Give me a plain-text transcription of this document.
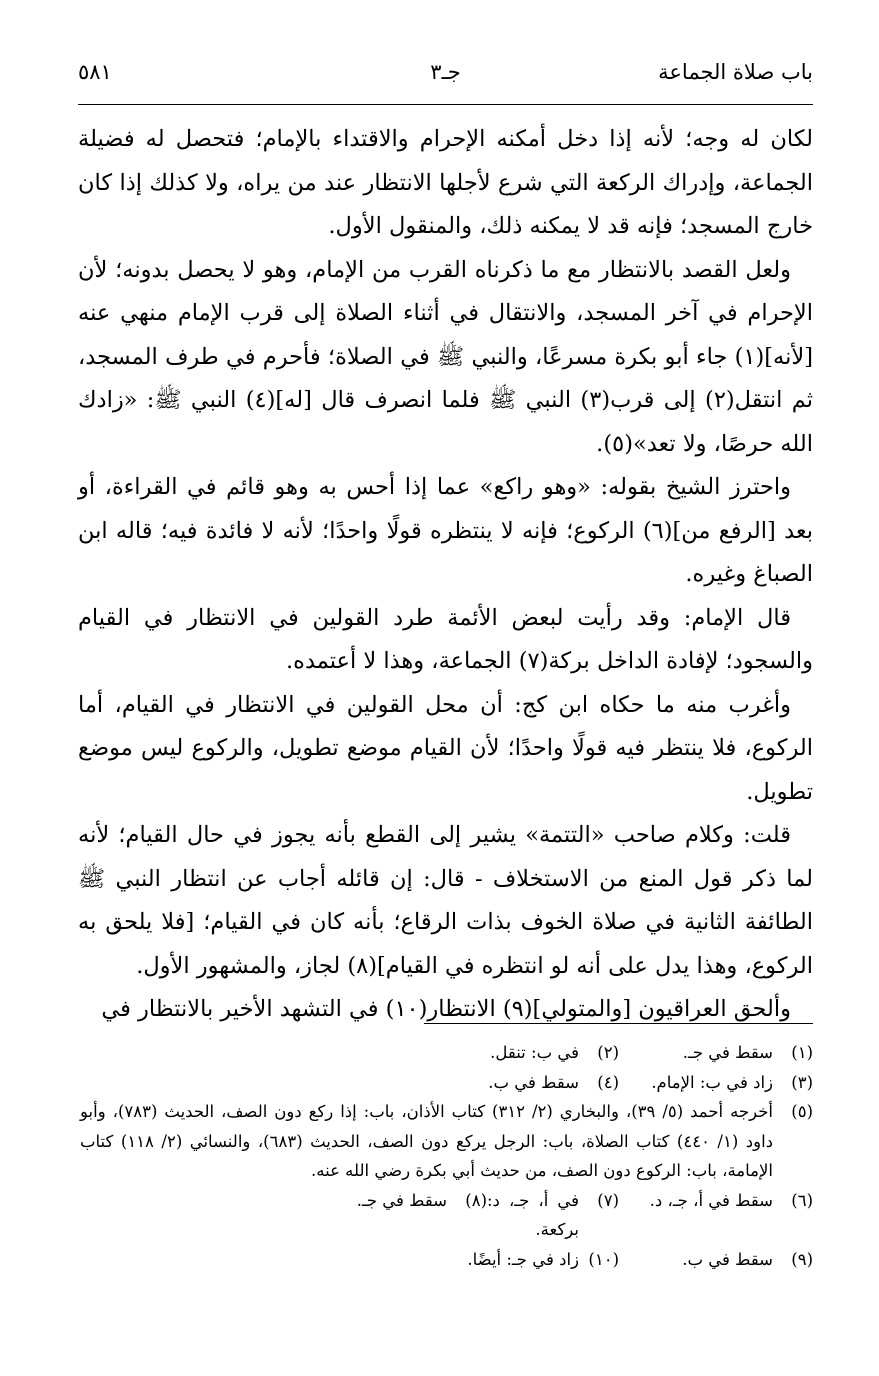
باب صلاة الجماعة
جـ٣
٥٨١

لكان له وجه؛ لأنه إذا دخل أمكنه الإحرام والاقتداء بالإمام؛ فتحصل له فضيلة الجماعة، وإدراك الركعة التي شرع لأجلها الانتظار عند من يراه، ولا كذلك إذا كان خارج المسجد؛ فإنه قد لا يمكنه ذلك، والمنقول الأول.

ولعل القصد بالانتظار مع ما ذكرناه القرب من الإمام، وهو لا يحصل بدونه؛ لأن الإحرام في آخر المسجد، والانتقال في أثناء الصلاة إلى قرب الإمام منهي عنه [لأنه](١) جاء أبو بكرة مسرعًا، والنبي ﷺ في الصلاة؛ فأحرم في طرف المسجد، ثم انتقل(٢) إلى قرب(٣) النبي ﷺ فلما انصرف قال [له](٤) النبي ﷺ: «زادك الله حرصًا، ولا تعد»(٥).

واحترز الشيخ بقوله: «وهو راكع» عما إذا أحس به وهو قائم في القراءة، أو بعد [الرفع من](٦) الركوع؛ فإنه لا ينتظره قولًا واحدًا؛ لأنه لا فائدة فيه؛ قاله ابن الصباغ وغيره.

قال الإمام: وقد رأيت لبعض الأئمة طرد القولين في الانتظار في القيام والسجود؛ لإفادة الداخل بركة(٧) الجماعة، وهذا لا أعتمده.

وأغرب منه ما حكاه ابن كج: أن محل القولين في الانتظار في القيام، أما الركوع، فلا ينتظر فيه قولًا واحدًا؛ لأن القيام موضع تطويل، والركوع ليس موضع تطويل.

قلت: وكلام صاحب «التتمة» يشير إلى القطع بأنه يجوز في حال القيام؛ لأنه لما ذكر قول المنع من الاستخلاف - قال: إن قائله أجاب عن انتظار النبي ﷺ الطائفة الثانية في صلاة الخوف بذات الرقاع؛ بأنه كان في القيام؛ [فلا يلحق به الركوع، وهذا يدل على أنه لو انتظره في القيام](٨) لجاز، والمشهور الأول.

وألحق العراقيون [والمتولي](٩) الانتظار(١٠) في التشهد الأخير بالانتظار في

(١)
سقط في جـ.
(٢)
في ب: تنقل.
(٣)
زاد في ب: الإمام.
(٤)
سقط في ب.
(٥)
أخرجه أحمد (٥/ ٣٩)، والبخاري (٢/ ٣١٢) كتاب الأذان، باب: إذا ركع دون الصف، الحديث (٧٨٣)، وأبو داود (١/ ٤٤٠) كتاب الصلاة، باب: الرجل يركع دون الصف، الحديث (٦٨٣)، والنسائي (٢/ ١١٨) كتاب الإمامة، باب: الركوع دون الصف، من حديث أبي بكرة رضي الله عنه.
(٦)
سقط في أ، جـ، د.
(٧)
في أ، جـ، د: بركعة.
(٨)
سقط في جـ.
(٩)
سقط في ب.
(١٠)
زاد في جـ: أيضًا.
